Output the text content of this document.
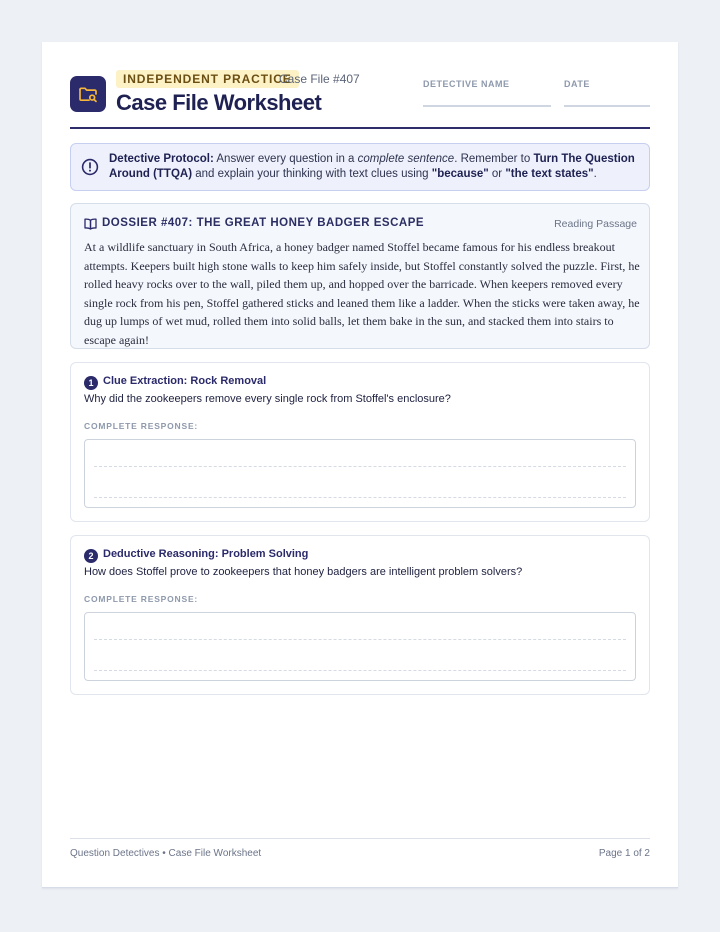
INDEPENDENT PRACTICE
Case File #407
Case File Worksheet
DETECTIVE NAME	DATE
Detective Protocol: Answer every question in a complete sentence. Remember to Turn The Question Around (TTQA) and explain your thinking with text clues using "because" or "the text states".
DOSSIER #407: THE GREAT HONEY BADGER ESCAPE	Reading Passage
At a wildlife sanctuary in South Africa, a honey badger named Stoffel became famous for his endless breakout attempts. Keepers built high stone walls to keep him safely inside, but Stoffel constantly solved the puzzle. First, he rolled heavy rocks over to the wall, piled them up, and hopped over the barricade. When keepers removed every single rock from his pen, Stoffel gathered sticks and leaned them like a ladder. When the sticks were taken away, he dug up lumps of wet mud, rolled them into solid balls, let them bake in the sun, and stacked them into stairs to escape again!
1 Clue Extraction: Rock Removal
Why did the zookeepers remove every single rock from Stoffel's enclosure?
COMPLETE RESPONSE:
2 Deductive Reasoning: Problem Solving
How does Stoffel prove to zookeepers that honey badgers are intelligent problem solvers?
COMPLETE RESPONSE:
Question Detectives • Case File Worksheet	Page 1 of 2
